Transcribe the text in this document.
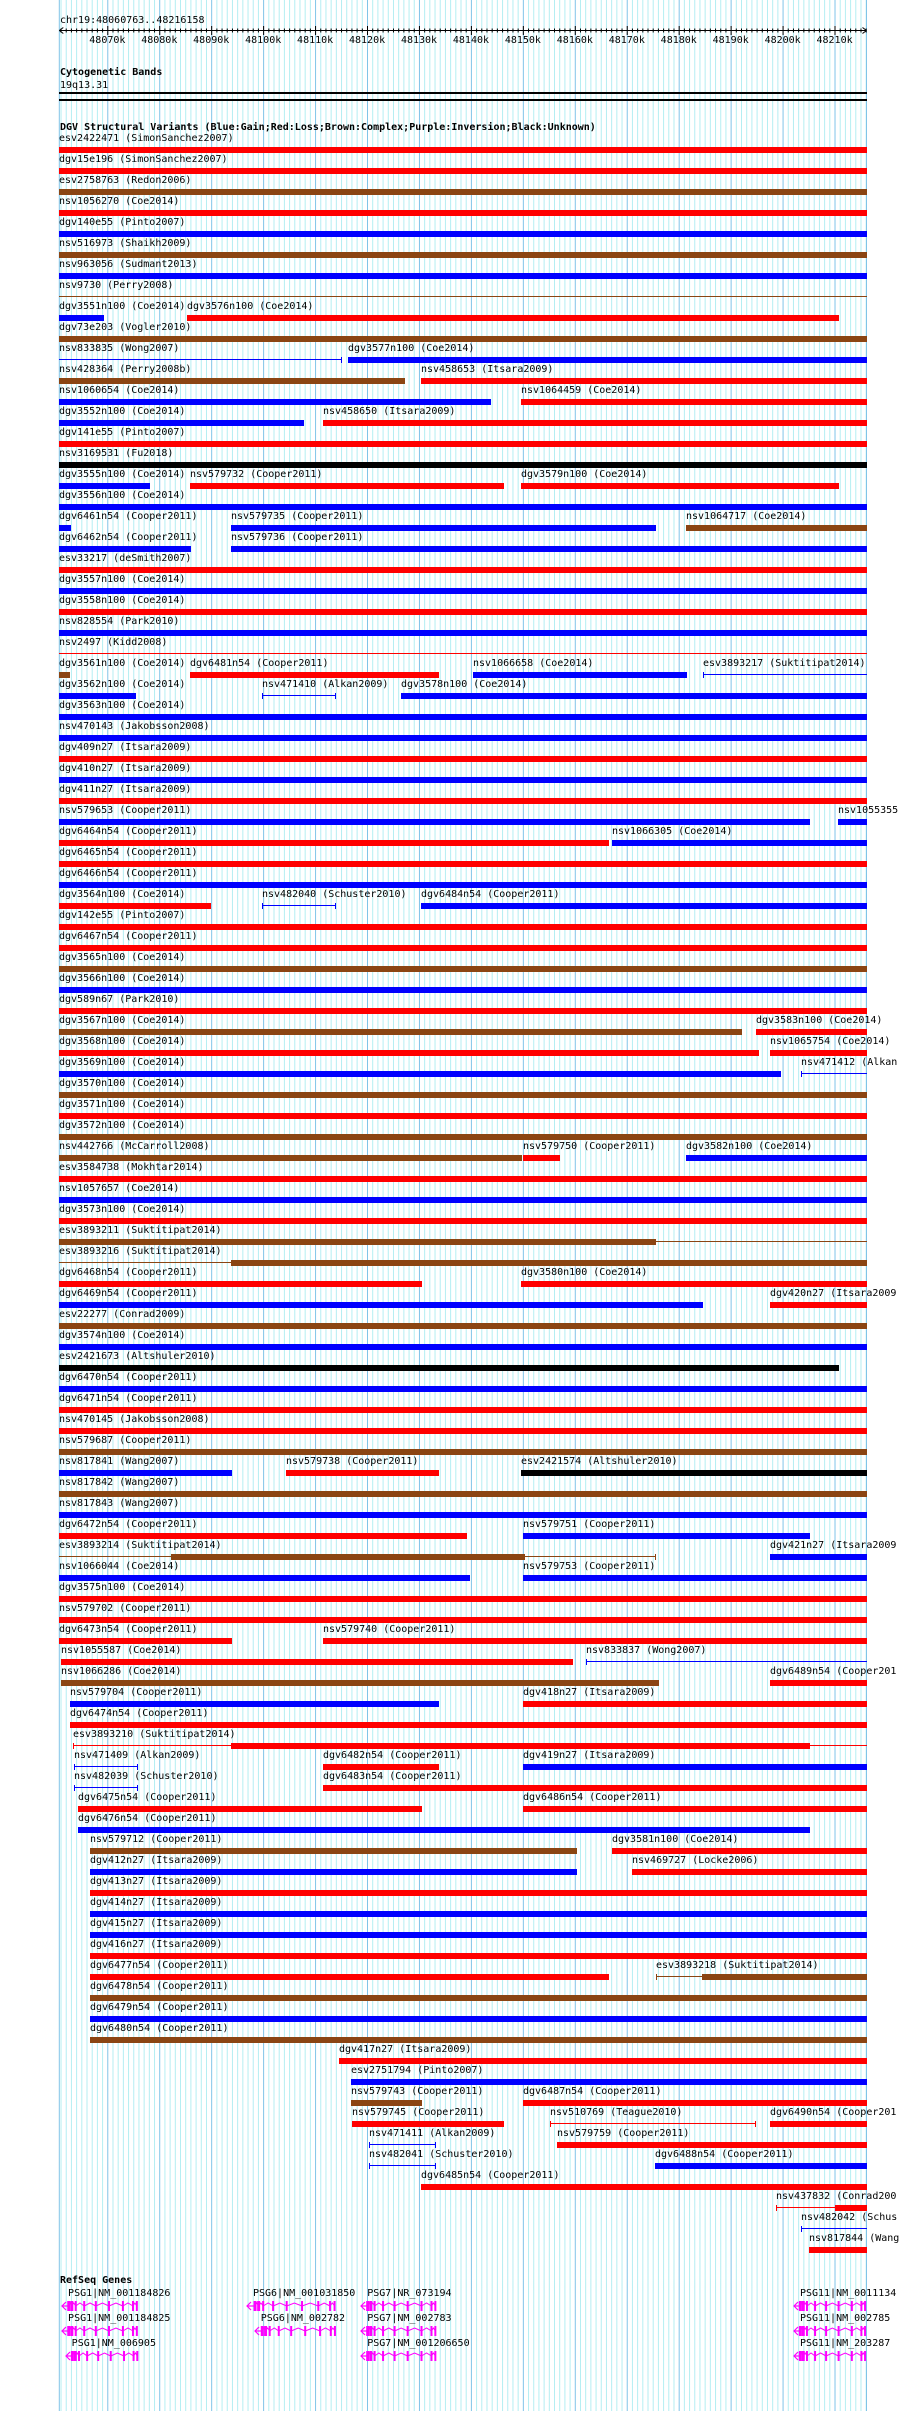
chr19:48060763..48216158
48070k 48080k 48090k 48100k 48110k 48120k 48130k 48140k 48150k 48160k 48170k 48180k 48190k 48200k 48210k
Cytogenetic Bands
19q13.31
DGV Structural Variants (Blue:Gain;Red:Loss;Brown:Complex;Purple:Inversion;Black:Unknown)
esv2422471 (SimonSanchez2007)
dgv15e196 (SimonSanchez2007)
esv2758763 (Redon2006)
nsv1056270 (Coe2014)
dgv140e55 (Pinto2007)
nsv516973 (Shaikh2009)
nsv963056 (Sudmant2013)
nsv9730 (Perry2008)
dgv3551n100 (Coe2014) dgv3576n100 (Coe2014)
dgv73e203 (Vogler2010)
nsv833835 (Wong2007)	dgv3577n100 (Coe2014)
nsv428364 (Perry2008b)	nsv458653 (Itsara2009)
nsv1060654 (Coe2014)	nsv1064459 (Coe2014)
dgv3552n100 (Coe2014)	nsv458650 (Itsara2009)
dgv141e55 (Pinto2007)
nsv3169531 (Fu2018)
dgv3555n100 (Coe2014) nsv579732 (Cooper2011)	dgv3579n100 (Coe2014)
dgv3556n100 (Coe2014)
dgv6461n54 (Cooper2011)	nsv579735 (Cooper2011)	nsv1064717 (Coe2014)
dgv6462n54 (Cooper2011)	nsv579736 (Cooper2011)
esv33217 (deSmith2007)
dgv3557n100 (Coe2014)
dgv3558n100 (Coe2014)
nsv828554 (Park2010)
nsv2497 (Kidd2008)
dgv3561n100 (Coe2014) dgv6481n54 (Cooper2011)	nsv1066658 (Coe2014)	esv3893217 (Suktitipat2014)
dgv3562n100 (Coe2014)	nsv471410 (Alkan2009) dgv3578n100 (Coe2014)
dgv3563n100 (Coe2014)
nsv470143 (Jakobsson2008)
dgv409n27 (Itsara2009)
dgv410n27 (Itsara2009)
dgv411n27 (Itsara2009)
nsv579653 (Cooper2011)	nsv1055355
dgv6464n54 (Cooper2011)	nsv1066305 (Coe2014)
dgv6465n54 (Cooper2011)
dgv6466n54 (Cooper2011)
dgv3564n100 (Coe2014)	nsv482040 (Schuster2010) dgv6484n54 (Cooper2011)
dgv142e55 (Pinto2007)
dgv6467n54 (Cooper2011)
dgv3565n100 (Coe2014)
dgv3566n100 (Coe2014)
dgv589n67 (Park2010)
dgv3567n100 (Coe2014)	dgv3583n100 (Coe2014)
dgv3568n100 (Coe2014)	nsv1065754 (Coe2014)
dgv3569n100 (Coe2014)	nsv471412 (Alkan
dgv3570n100 (Coe2014)
dgv3571n100 (Coe2014)
dgv3572n100 (Coe2014)
nsv442766 (McCarroll2008)	nsv579750 (Cooper2011)	dgv3582n100 (Coe2014)
esv3584738 (Mokhtar2014)
nsv1057657 (Coe2014)
dgv3573n100 (Coe2014)
esv3893211 (Suktitipat2014)
esv3893216 (Suktitipat2014)
dgv6468n54 (Cooper2011)	dgv3580n100 (Coe2014)
dgv6469n54 (Cooper2011)	dgv420n27 (Itsara2009
esv22277 (Conrad2009)
dgv3574n100 (Coe2014)
esv2421673 (Altshuler2010)
dgv6470n54 (Cooper2011)
dgv6471n54 (Cooper2011)
nsv470145 (Jakobsson2008)
nsv579687 (Cooper2011)
nsv817841 (Wang2007)	nsv579738 (Cooper2011)	esv2421574 (Altshuler2010)
nsv817842 (Wang2007)
nsv817843 (Wang2007)
dgv6472n54 (Cooper2011)	nsv579751 (Cooper2011)
esv3893214 (Suktitipat2014)	dgv421n27 (Itsara2009
nsv1066044 (Coe2014)	nsv579753 (Cooper2011)
dgv3575n100 (Coe2014)
nsv579702 (Cooper2011)
dgv6473n54 (Cooper2011)	nsv579740 (Cooper2011)
nsv1055587 (Coe2014)	nsv833837 (Wong2007)
nsv1066286 (Coe2014)	dgv6489n54 (Cooper201
nsv579704 (Cooper2011)	dgv418n27 (Itsara2009)
dgv6474n54 (Cooper2011)
esv3893210 (Suktitipat2014)
nsv471409 (Alkan2009)	dgv6482n54 (Cooper2011)	dgv419n27 (Itsara2009)
nsv482039 (Schuster2010)	dgv6483n54 (Cooper2011)
dgv6475n54 (Cooper2011)	dgv6486n54 (Cooper2011)
dgv6476n54 (Cooper2011)
nsv579712 (Cooper2011)	dgv3581n100 (Coe2014)
dgv412n27 (Itsara2009)	nsv469727 (Locke2006)
dgv413n27 (Itsara2009)
dgv414n27 (Itsara2009)
dgv415n27 (Itsara2009)
dgv416n27 (Itsara2009)
dgv6477n54 (Cooper2011)	esv3893218 (Suktitipat2014)
dgv6478n54 (Cooper2011)
dgv6479n54 (Cooper2011)
dgv6480n54 (Cooper2011)
dgv417n27 (Itsara2009)
esv2751794 (Pinto2007)
nsv579743 (Cooper2011)	dgv6487n54 (Cooper2011)
nsv579745 (Cooper2011)	nsv510769 (Teague2010)	dgv6490n54 (Cooper201
nsv471411 (Alkan2009)	nsv579759 (Cooper2011)
nsv482041 (Schuster2010)	dgv6488n54 (Cooper2011)
dgv6485n54 (Cooper2011)
nsv437832 (Conrad200
nsv482042 (Schus
nsv817844 (Wang
RefSeq Genes
PSG1|NM_001184826	PSG6|NM_001031850 PSG7|NR_073194	PSG11|NM_0011134
PSG1|NM_001184825	PSG6|NM_002782 PSG7|NM_002783	PSG11|NM_002785
PSG1|NM_006905	PSG7|NM_001206650	PSG11|NM_203287
